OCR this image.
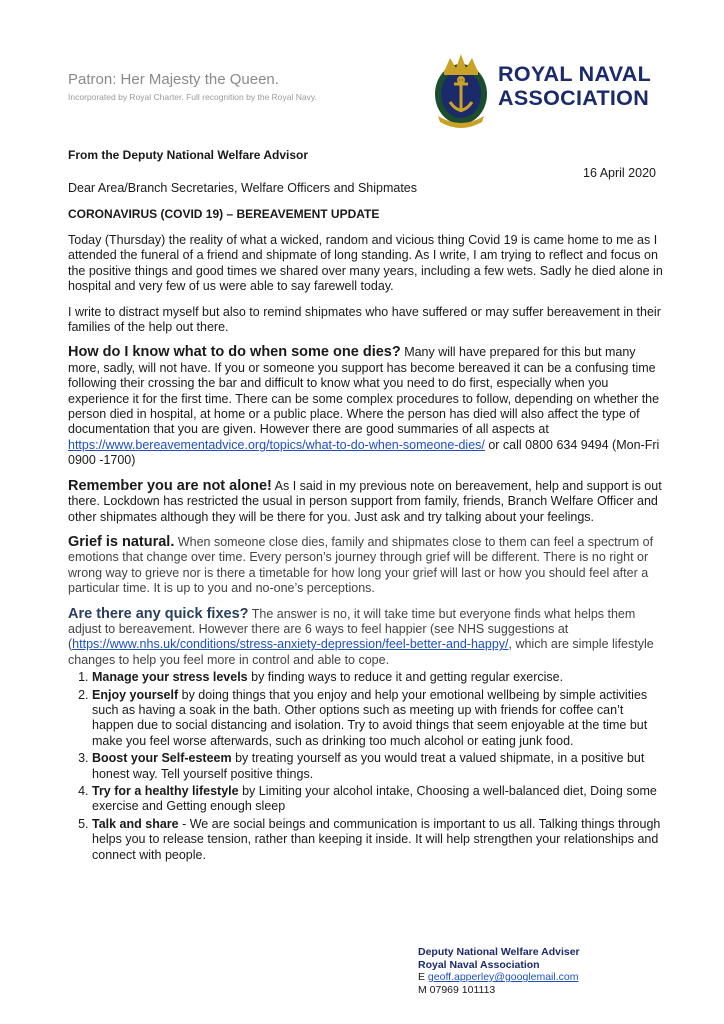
Patron: Her Majesty the Queen.
Incorporated by Royal Charter. Full recognition by the Royal Navy.
ROYAL NAVAL
ASSOCIATION
From the Deputy National Welfare Advisor
16 April 2020
Dear Area/Branch Secretaries, Welfare Officers and Shipmates
CORONAVIRUS (COVID 19) – BEREAVEMENT UPDATE

Today (Thursday) the reality of what a wicked, random and vicious thing Covid 19 is came home to me as I attended the funeral of a friend and shipmate of long standing. As I write, I am trying to reflect and focus on the positive things and good times we shared over many years, including a few wets. Sadly he died alone in hospital and very few of us were able to say farewell today.

I write to distract myself but also to remind shipmates who have suffered or may suffer bereavement in their families of the help out there.

How do I know what to do when some one dies? Many will have prepared for this but many more, sadly, will not have. If you or someone you support has become bereaved it can be a confusing time following their crossing the bar and difficult to know what you need to do first, especially when you experience it for the first time. There can be some complex procedures to follow, depending on whether the person died in hospital, at home or a public place. Where the person has died will also affect the type of documentation that you are given. However there are good summaries of all aspects at https://www.bereavementadvice.org/topics/what-to-do-when-someone-dies/ or call 0800 634 9494 (Mon-Fri 0900 -1700)

Remember you are not alone! As I said in my previous note on bereavement, help and support is out there. Lockdown has restricted the usual in person support from family, friends, Branch Welfare Officer and other shipmates although they will be there for you. Just ask and try talking about your feelings.

Grief is natural. When someone close dies, family and shipmates close to them can feel a spectrum of emotions that change over time. Every person’s journey through grief will be different. There is no right or wrong way to grieve nor is there a timetable for how long your grief will last or how you should feel after a particular time. It is up to you and no-one’s perceptions.

Are there any quick fixes? The answer is no, it will take time but everyone finds what helps them adjust to bereavement. However there are 6 ways to feel happier (see NHS suggestions at (https://www.nhs.uk/conditions/stress-anxiety-depression/feel-better-and-happy/, which are simple lifestyle changes to help you feel more in control and able to cope.

1. Manage your stress levels by finding ways to reduce it and getting regular exercise.
2. Enjoy yourself by doing things that you enjoy and help your emotional wellbeing by simple activities such as having a soak in the bath. Other options such as meeting up with friends for coffee can’t happen due to social distancing and isolation. Try to avoid things that seem enjoyable at the time but make you feel worse afterwards, such as drinking too much alcohol or eating junk food.
3. Boost your Self-esteem by treating yourself as you would treat a valued shipmate, in a positive but honest way. Tell yourself positive things.
4. Try for a healthy lifestyle by Limiting your alcohol intake, Choosing a well-balanced diet, Doing some exercise and Getting enough sleep
5. Talk and share - We are social beings and communication is important to us all. Talking things through helps you to release tension, rather than keeping it inside. It will help strengthen your relationships and connect with people.
Deputy National Welfare Adviser
Royal Naval Association
E geoff.apperley@googlemail.com
M 07969 101113
